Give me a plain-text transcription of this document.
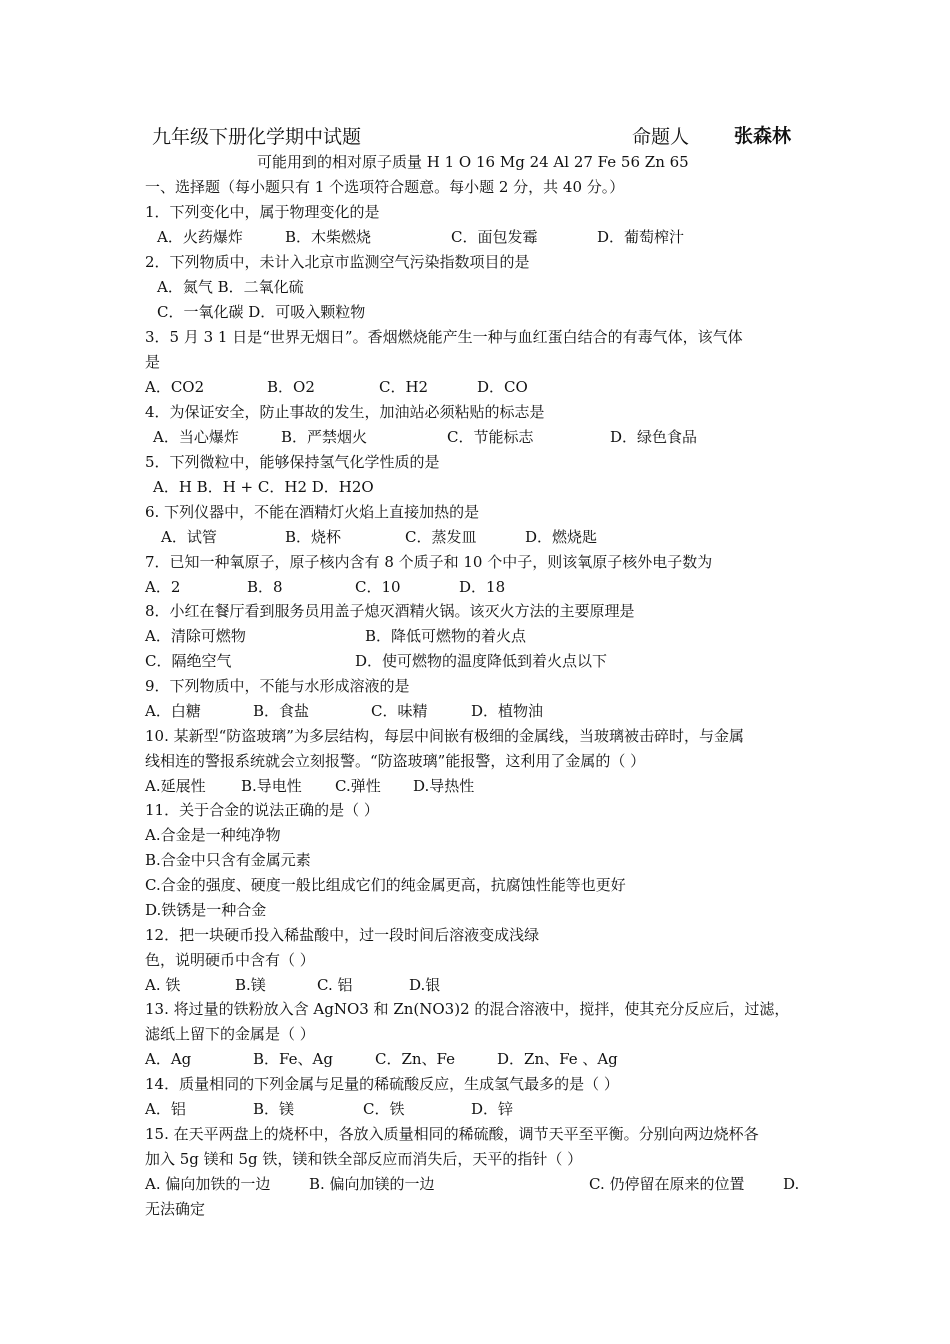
九年级下册化学期中试题	命题人 张森林
可能用到的相对原子质量 H 1 O 16 Mg 24 Al 27 Fe 56 Zn 65
一、选择题（每小题只有 1 个选项符合题意。每小题 2 分，共 40 分。）
1．下列变化中，属于物理变化的是
A．火药爆炸	B．木柴燃烧	C．面包发霉	D．葡萄榨汁
2．下列物质中，未计入北京市监测空气污染指数项目的是
A．氮气 B．二氧化硫
C．一氧化碳 D．可吸入颗粒物
3．5 月 3 1 日是“世界无烟日”。香烟燃烧能产生一种与血红蛋白结合的有毒气体，该气体
是
A．CO2	B．O2	C．H2	D．CO
4．为保证安全，防止事故的发生，加油站必须粘贴的标志是
A．当心爆炸	B．严禁烟火	C．节能标志	D．绿色食品
5．下列微粒中，能够保持氢气化学性质的是
A．H B．H + C．H2 D．H2O
6. 下列仪器中，不能在酒精灯火焰上直接加热的是
A．试管	B．烧杯	C．蒸发皿	D．燃烧匙
7．已知一种氧原子，原子核内含有 8 个质子和 10 个中子，则该氧原子核外电子数为
A．2	B．8	C．10	D．18
8．小红在餐厅看到服务员用盖子熄灭酒精火锅。该灭火方法的主要原理是
A．清除可燃物	B．降低可燃物的着火点
C．隔绝空气	D．使可燃物的温度降低到着火点以下
9．下列物质中，不能与水形成溶液的是
A．白糖	B．食盐	C．味精	D．植物油
10. 某新型“防盗玻璃”为多层结构，每层中间嵌有极细的金属线，当玻璃被击碎时，与金属
线相连的警报系统就会立刻报警。“防盗玻璃”能报警，这利用了金属的（ ）
A.延展性 B.导电性 C.弹性 D.导热性
11．关于合金的说法正确的是（ ）
A.合金是一种纯净物
B.合金中只含有金属元素
C.合金的强度、硬度一般比组成它们的纯金属更高，抗腐蚀性能等也更好
D.铁锈是一种合金
12．把一块硬币投入稀盐酸中，过一段时间后溶液变成浅绿
色，说明硬币中含有（ ）
A. 铁	B.镁	C. 铝	D.银
13. 将过量的铁粉放入含 AgNO3 和 Zn(NO3)2 的混合溶液中，搅拌，使其充分反应后，过滤，
滤纸上留下的金属是（ ）
A．Ag	B．Fe、Ag	C．Zn、Fe	D．Zn、Fe 、Ag
14．质量相同的下列金属与足量的稀硫酸反应，生成氢气最多的是（ ）
A．铝	B．镁	C．铁	D．锌
15. 在天平两盘上的烧杯中，各放入质量相同的稀硫酸，调节天平至平衡。分别向两边烧杯各
加入 5g 镁和 5g 铁，镁和铁全部反应而消失后，天平的指针（ ）
A. 偏向加铁的一边	B. 偏向加镁的一边	C. 仍停留在原来的位置	D.
无法确定
